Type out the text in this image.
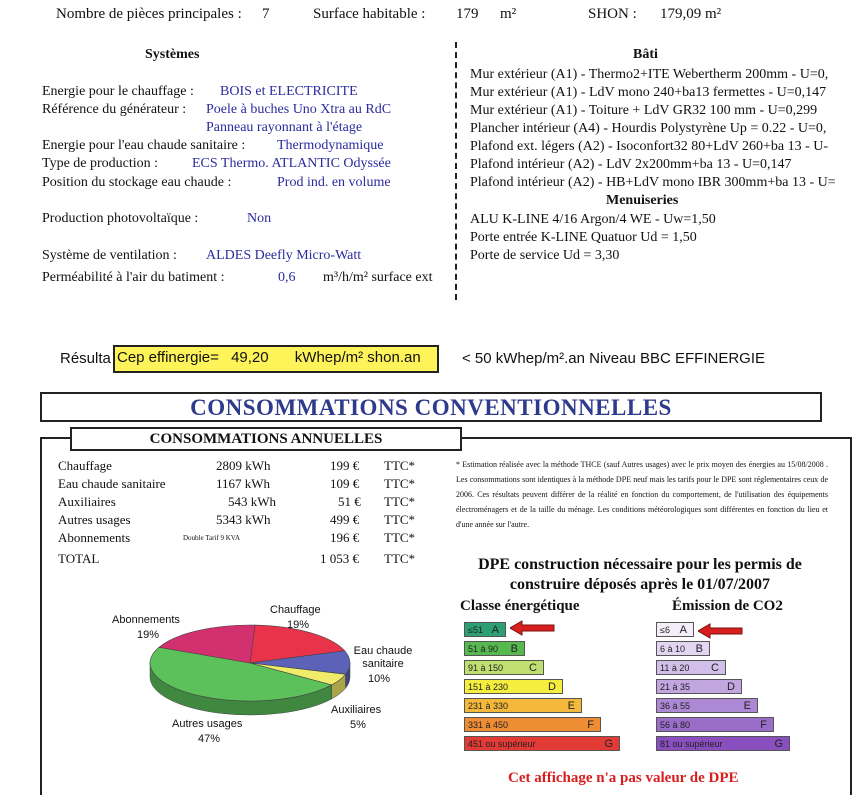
Nombre de pièces principales : 7	Surface habitable : 179 m²	SHON : 179,09 m²
Systèmes
Energie pour le chauffage : BOIS et ELECTRICITE
Référence du générateur : Poele à buches Uno Xtra au RdC
Panneau rayonnant à l'étage
Energie pour l'eau chaude sanitaire : Thermodynamique
Type de production : ECS Thermo. ATLANTIC Odyssée
Position du stockage eau chaude :	Prod ind. en volume
Production photovoltaïque :	Non
Système de ventilation : ALDES Deefly Micro-Watt
Perméabilité à l'air du batiment :	0,6 m³/h/m² surface ext
Bâti
Mur extérieur (A1) - Thermo2+ITE Webertherm 200mm - U=0,
Mur extérieur (A1) - LdV mono 240+ba13 fermettes - U=0,147
Mur extérieur (A1) - Toiture + LdV GR32 100 mm - U=0,299
Plancher intérieur (A4) - Hourdis Polystyrène Up = 0.22 - U=0,
Plafond ext. légers (A2) - Isoconfort32 80+LdV 260+ba 13 - U-
Plafond intérieur (A2) - LdV 2x200mm+ba 13 - U=0,147
Plafond intérieur (A2) - HB+LdV mono IBR 300mm+ba 13 - U=
Menuiseries
ALU K-LINE 4/16 Argon/4 WE - Uw=1,50
Porte entrée K-LINE Quatuor Ud = 1,50
Porte de service Ud = 3,30
Résulta Cep effinergie= 49,20 kWhep/m² shon.an	< 50 kWhep/m².an Niveau BBC EFFINERGIE
CONSOMMATIONS CONVENTIONNELLES
CONSOMMATIONS ANNUELLES
Chauffage	2809 kWh	199 € TTC*
Eau chaude sanitaire	1167 kWh	109 € TTC*
Auxiliaires	543 kWh	51 € TTC*
Autres usages	5343 kWh	499 € TTC*
Abonnements	Double Tarif 9 KVA	196 € TTC*
TOTAL	1 053 € TTC*
* Estimation réalisée avec la méthode THCE (sauf Autres usages) avec le prix moyen des énergies au 15/08/2008 . Les consommations sont identiques à la méthode DPE neuf mais les tarifs pour le DPE sont réglementaires ceux de 2006. Ces résultats peuvent différer de la réalité en fonction du comportement, de l'utilisation des équipements électroménagers et de la taille du ménage. Les conditions météorologiques sont différentes en fonction du lieu et d'une année sur l'autre.
Abonnements
19%
Chauffage
19%
Eau chaude sanitaire
10%
Auxiliaires
5%
Autres usages
47%
DPE construction nécessaire pour les permis de construire déposés après le 01/07/2007
Classe énergétique	Émission de CO2
≤51 A
51 à 90 B
91 à 150 C
151 à 230	D
231 à 330	E
331 à 450	F
451 ou supérieur	G
≤6 A
6 à 10 B
11 à 20 C
21 à 35	D
36 à 55	E
56 à 80	F
81 ou supérieur	G
Cet affichage n'a pas valeur de DPE
